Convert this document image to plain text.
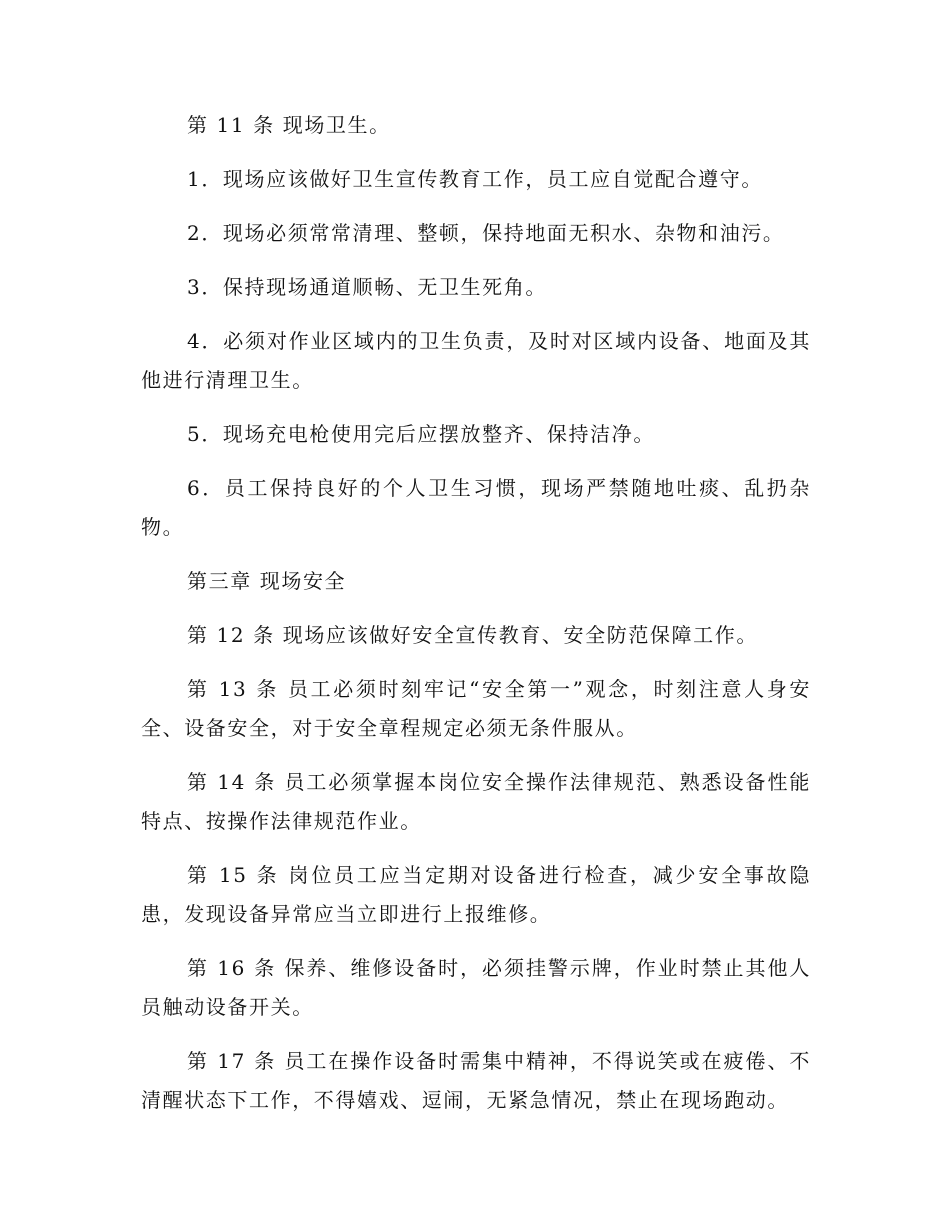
第 11 条 现场卫生。

1．现场应该做好卫生宣传教育工作，员工应自觉配合遵守。

2．现场必须常常清理、整顿，保持地面无积水、杂物和油污。

3．保持现场通道顺畅、无卫生死角。

4．必须对作业区域内的卫生负责，及时对区域内设备、地面及其他进行清理卫生。

5．现场充电枪使用完后应摆放整齐、保持洁净。

6．员工保持良好的个人卫生习惯，现场严禁随地吐痰、乱扔杂物。

第三章 现场安全

第 12 条 现场应该做好安全宣传教育、安全防范保障工作。

第 13 条 员工必须时刻牢记“安全第一”观念，时刻注意人身安全、设备安全，对于安全章程规定必须无条件服从。

第 14 条 员工必须掌握本岗位安全操作法律规范、熟悉设备性能特点、按操作法律规范作业。

第 15 条 岗位员工应当定期对设备进行检查，减少安全事故隐患，发现设备异常应当立即进行上报维修。

第 16 条 保养、维修设备时，必须挂警示牌，作业时禁止其他人员触动设备开关。

第 17 条 员工在操作设备时需集中精神，不得说笑或在疲倦、不清醒状态下工作，不得嬉戏、逗闹，无紧急情况，禁止在现场跑动。
